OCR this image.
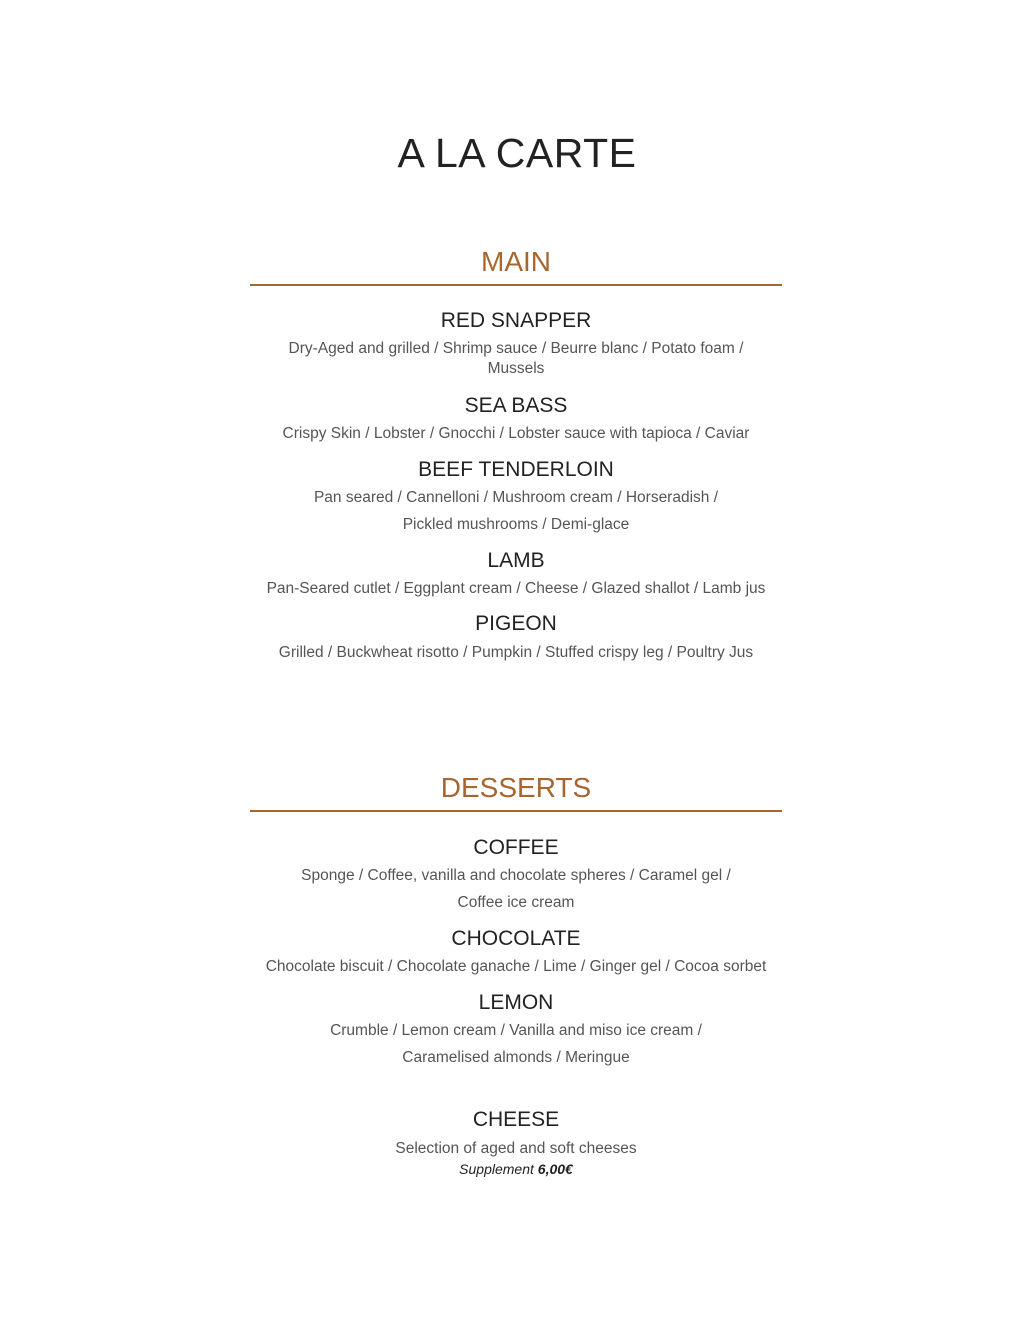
A LA CARTE
MAIN

RED SNAPPER

Dry-Aged and grilled / Shrimp sauce / Beurre blanc / Potato foam /

Mussels

SEA BASS

Crispy Skin / Lobster / Gnocchi / Lobster sauce with tapioca / Caviar

BEEF TENDERLOIN

Pan seared / Cannelloni / Mushroom cream / Horseradish /

Pickled mushrooms / Demi-glace

LAMB

Pan-Seared cutlet / Eggplant cream / Cheese / Glazed shallot / Lamb jus

PIGEON

Grilled / Buckwheat risotto / Pumpkin / Stuffed crispy leg / Poultry Jus

DESSERTS

COFFEE

Sponge / Coffee, vanilla and chocolate spheres / Caramel gel /

Coffee ice cream

CHOCOLATE

Chocolate biscuit / Chocolate ganache / Lime / Ginger gel / Cocoa sorbet

LEMON

Crumble / Lemon cream / Vanilla and miso ice cream /

Caramelised almonds / Meringue

CHEESE

Selection of aged and soft cheeses

Supplement 6,00€
